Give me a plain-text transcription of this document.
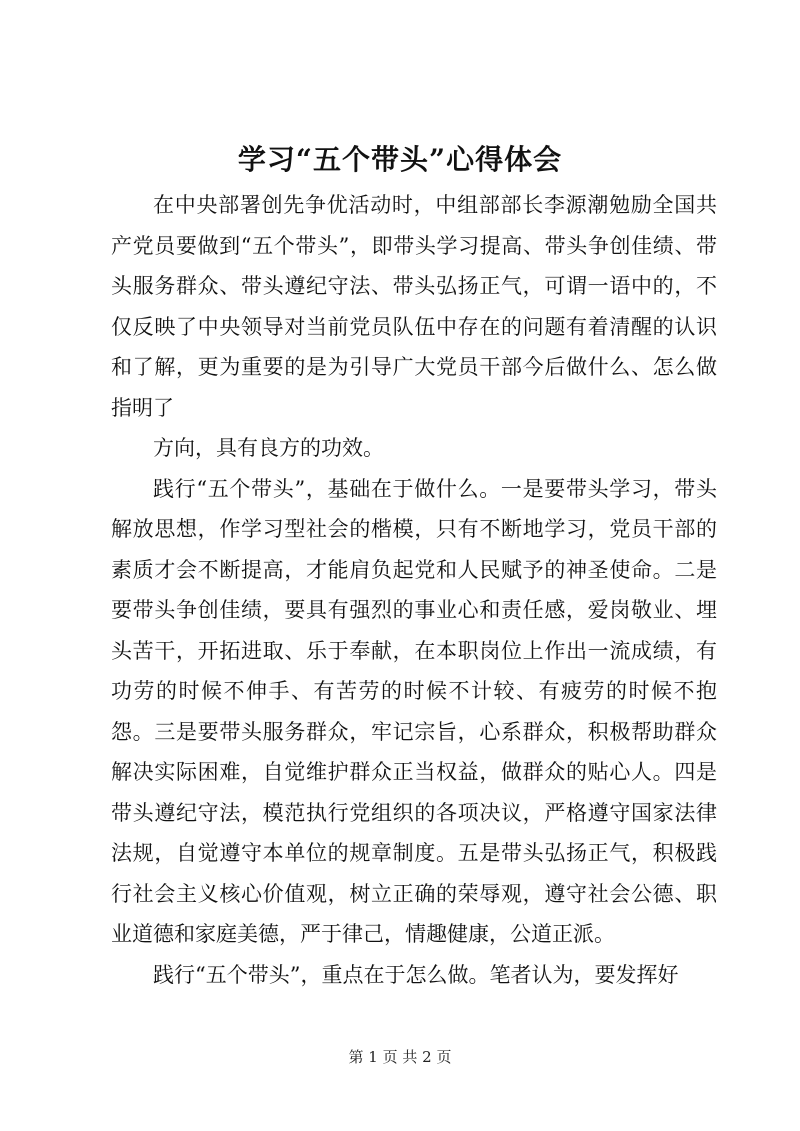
学习“五个带头”心得体会

在中央部署创先争优活动时，中组部部长李源潮勉励全国共产党员要做到“五个带头”，即带头学习提高、带头争创佳绩、带头服务群众、带头遵纪守法、带头弘扬正气，可谓一语中的，不仅反映了中央领导对当前党员队伍中存在的问题有着清醒的认识和了解，更为重要的是为引导广大党员干部今后做什么、怎么做指明了

方向，具有良方的功效。

践行“五个带头”，基础在于做什么。一是要带头学习，带头解放思想，作学习型社会的楷模，只有不断地学习，党员干部的素质才会不断提高，才能肩负起党和人民赋予的神圣使命。二是要带头争创佳绩，要具有强烈的事业心和责任感，爱岗敬业、埋头苦干，开拓进取、乐于奉献，在本职岗位上作出一流成绩，有功劳的时候不伸手、有苦劳的时候不计较、有疲劳的时候不抱怨。三是要带头服务群众，牢记宗旨，心系群众，积极帮助群众解决实际困难，自觉维护群众正当权益，做群众的贴心人。四是带头遵纪守法，模范执行党组织的各项决议，严格遵守国家法律法规，自觉遵守本单位的规章制度。五是带头弘扬正气，积极践行社会主义核心价值观，树立正确的荣辱观，遵守社会公德、职业道德和家庭美德，严于律己，情趣健康，公道正派。

践行“五个带头”，重点在于怎么做。笔者认为，要发挥好

第 1 页 共 2 页
